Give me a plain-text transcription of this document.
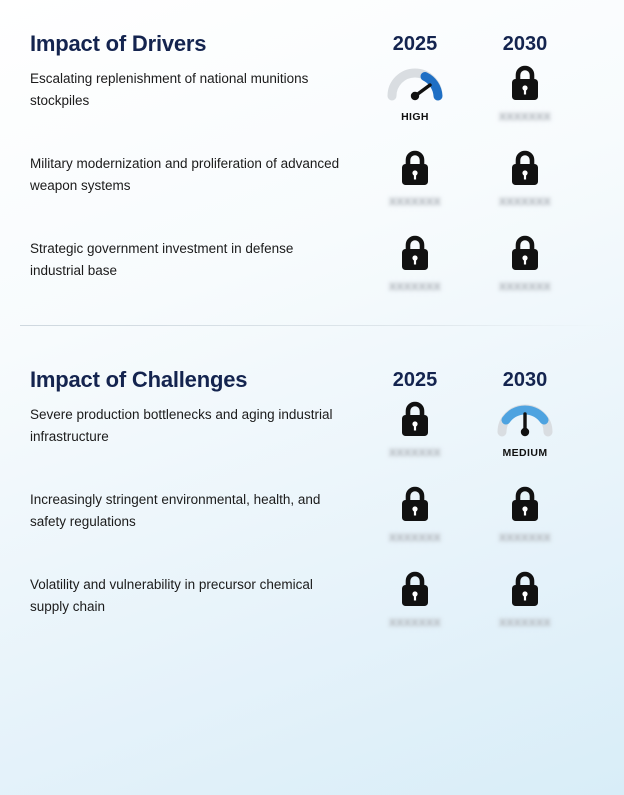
Impact of Drivers	2025	2030
Escalating replenishment of national munitions stockpiles
HIGH	XXXXXXX
Military modernization and proliferation of advanced weapon systems
XXXXXXX	XXXXXXX
Strategic government investment in defense industrial base
XXXXXXX	XXXXXXX
Impact of Challenges	2025	2030
Severe production bottlenecks and aging industrial infrastructure
XXXXXXX	MEDIUM
Increasingly stringent environmental, health, and safety regulations
XXXXXXX	XXXXXXX
Volatility and vulnerability in precursor chemical supply chain
XXXXXXX	XXXXXXX
